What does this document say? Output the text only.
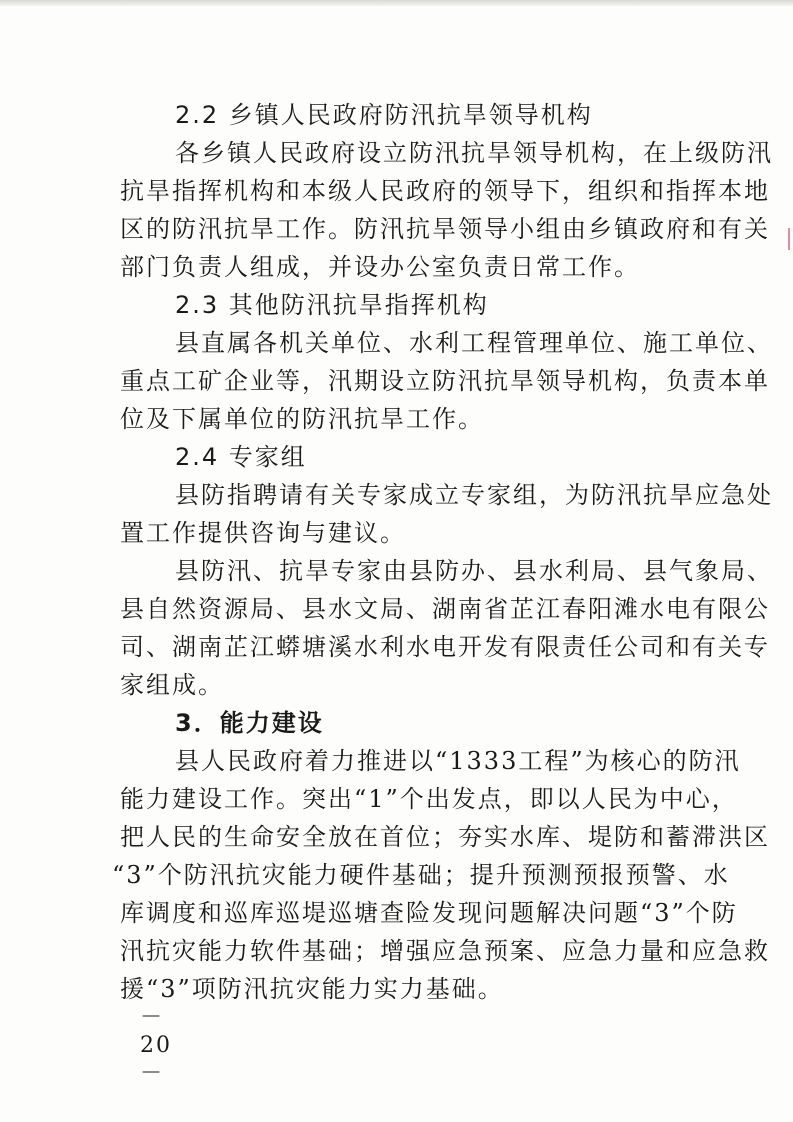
2.2 乡镇人民政府防汛抗旱领导机构
各乡镇人民政府设立防汛抗旱领导机构，在上级防汛
抗旱指挥机构和本级人民政府的领导下，组织和指挥本地
区的防汛抗旱工作。防汛抗旱领导小组由乡镇政府和有关
部门负责人组成，并设办公室负责日常工作。
2.3 其他防汛抗旱指挥机构
县直属各机关单位、水利工程管理单位、施工单位、
重点工矿企业等，汛期设立防汛抗旱领导机构，负责本单
位及下属单位的防汛抗旱工作。
2.4 专家组
县防指聘请有关专家成立专家组，为防汛抗旱应急处
置工作提供咨询与建议。
县防汛、抗旱专家由县防办、县水利局、县气象局、
县自然资源局、县水文局、湖南省芷江春阳滩水电有限公
司、湖南芷江蟒塘溪水利水电开发有限责任公司和有关专
家组成。
3．能力建设
县人民政府着力推进以“1333工程”为核心的防汛
能力建设工作。突出“1”个出发点，即以人民为中心，
把人民的生命安全放在首位；夯实水库、堤防和蓄滞洪区
“3”个防汛抗灾能力硬件基础；提升预测预报预警、水
库调度和巡库巡堤巡塘查险发现问题解决问题“3”个防
汛抗灾能力软件基础；增强应急预案、应急力量和应急救
援“3”项防汛抗灾能力实力基础。
－ 20 －
